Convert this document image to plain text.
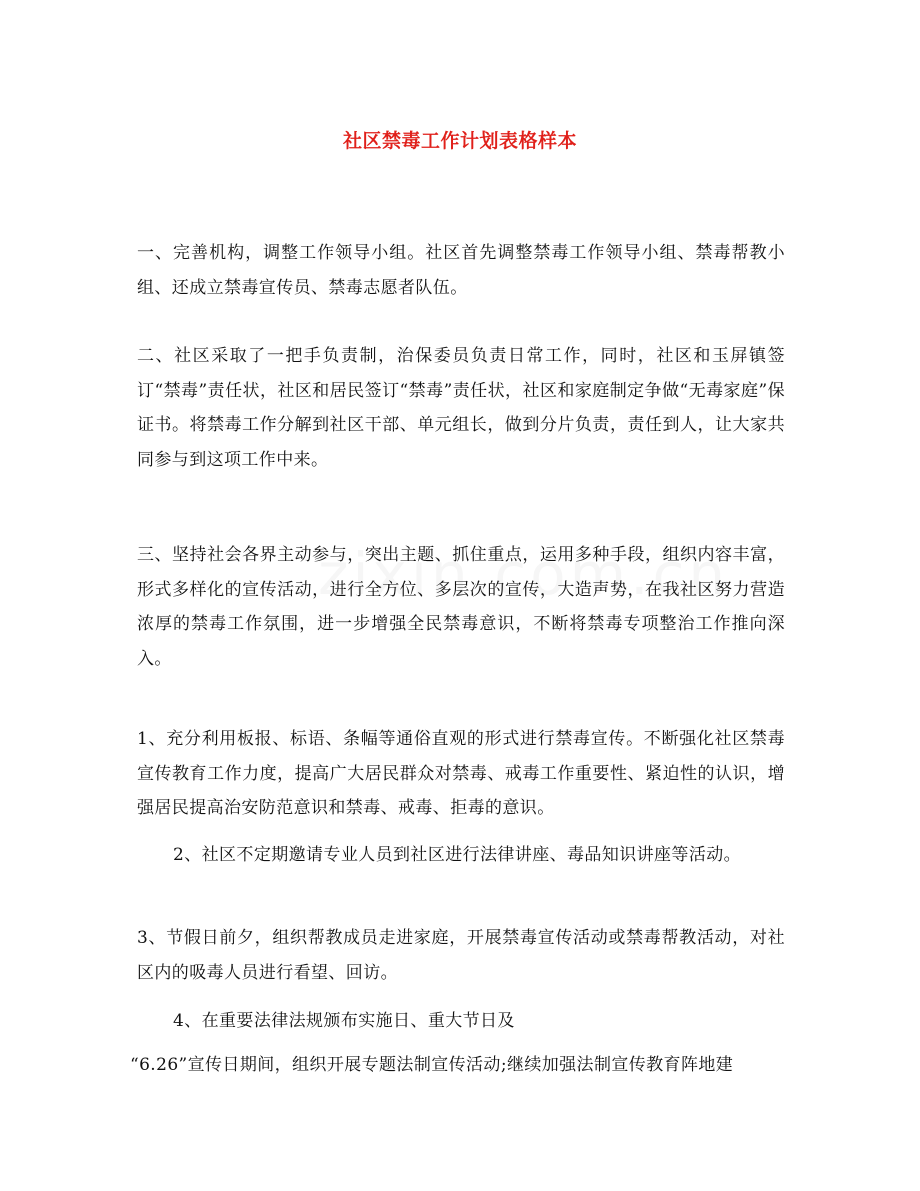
社区禁毒工作计划表格样本

一、完善机构，调整工作领导小组。社区首先调整禁毒工作领导小组、禁毒帮教小组、还成立禁毒宣传员、禁毒志愿者队伍。

二、社区采取了一把手负责制，治保委员负责日常工作，同时，社区和玉屏镇签订“禁毒”责任状，社区和居民签订“禁毒”责任状，社区和家庭制定争做“无毒家庭”保证书。将禁毒工作分解到社区干部、单元组长，做到分片负责，责任到人，让大家共同参与到这项工作中来。

三、坚持社会各界主动参与，突出主题、抓住重点，运用多种手段，组织内容丰富，形式多样化的宣传活动，进行全方位、多层次的宣传，大造声势，在我社区努力营造浓厚的禁毒工作氛围，进一步增强全民禁毒意识，不断将禁毒专项整治工作推向深入。

1、充分利用板报、标语、条幅等通俗直观的形式进行禁毒宣传。不断强化社区禁毒宣传教育工作力度，提高广大居民群众对禁毒、戒毒工作重要性、紧迫性的认识，增强居民提高治安防范意识和禁毒、戒毒、拒毒的意识。

2、社区不定期邀请专业人员到社区进行法律讲座、毒品知识讲座等活动。

3、节假日前夕，组织帮教成员走进家庭，开展禁毒宣传活动或禁毒帮教活动，对社区内的吸毒人员进行看望、回访。

4、在重要法律法规颁布实施日、重大节日及

“6.26”宣传日期间，组织开展专题法制宣传活动;继续加强法制宣传教育阵地建
